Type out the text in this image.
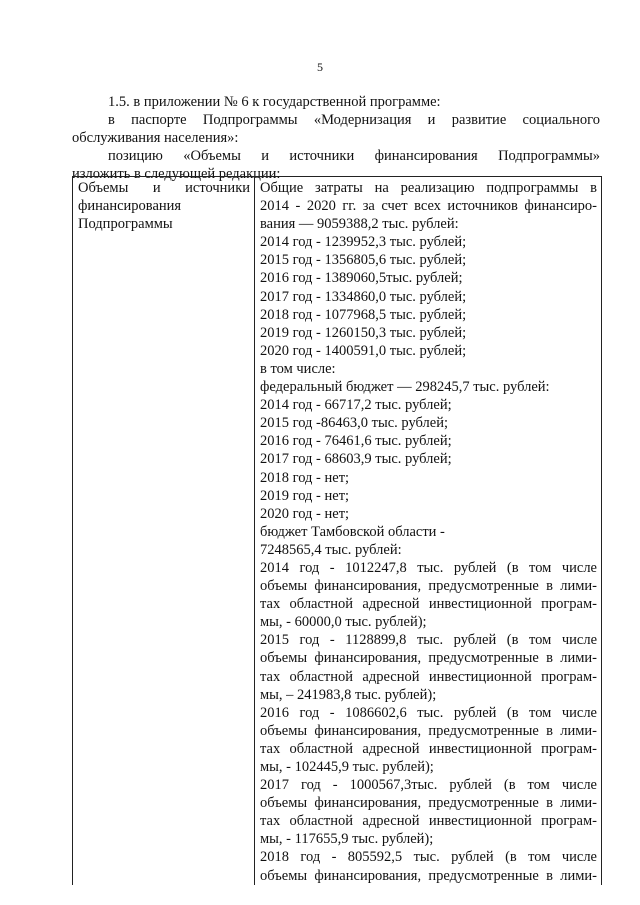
5
1.5. в приложении № 6 к государственной программе:
в паспорте Подпрограммы «Модернизация и развитие социального
обслуживания населения»:
позицию «Объемы и источники финансирования Подпрограммы»
изложить в следующей редакции:
Объемы и источники
финансирования
Подпрограммы

Общие затраты на реализацию подпрограммы в
2014 - 2020 гг. за счет всех источников финансиро-
вания — 9059388,2 тыс. рублей:
2014 год - 1239952,3 тыс. рублей;
2015 год - 1356805,6 тыс. рублей;
2016 год - 1389060,5тыс. рублей;
2017 год - 1334860,0 тыс. рублей;
2018 год - 1077968,5 тыс. рублей;
2019 год - 1260150,3 тыс. рублей;
2020 год - 1400591,0 тыс. рублей;
в том числе:
федеральный бюджет — 298245,7 тыс. рублей:
2014 год - 66717,2 тыс. рублей;
2015 год -86463,0 тыс. рублей;
2016 год - 76461,6 тыс. рублей;
2017 год - 68603,9 тыс. рублей;
2018 год - нет;
2019 год - нет;
2020 год - нет;
бюджет Тамбовской области -
7248565,4 тыс. рублей:
2014 год - 1012247,8 тыс. рублей (в том числе
объемы финансирования, предусмотренные в лими-
тах областной адресной инвестиционной програм-
мы, - 60000,0 тыс. рублей);
2015 год - 1128899,8 тыс. рублей (в том числе
объемы финансирования, предусмотренные в лими-
тах областной адресной инвестиционной програм-
мы, – 241983,8 тыс. рублей);
2016 год - 1086602,6 тыс. рублей (в том числе
объемы финансирования, предусмотренные в лими-
тах областной адресной инвестиционной програм-
мы, - 102445,9 тыс. рублей);
2017 год - 1000567,3тыс. рублей (в том числе
объемы финансирования, предусмотренные в лими-
тах областной адресной инвестиционной програм-
мы, - 117655,9 тыс. рублей);
2018 год - 805592,5 тыс. рублей (в том числе
объемы финансирования, предусмотренные в лими-
